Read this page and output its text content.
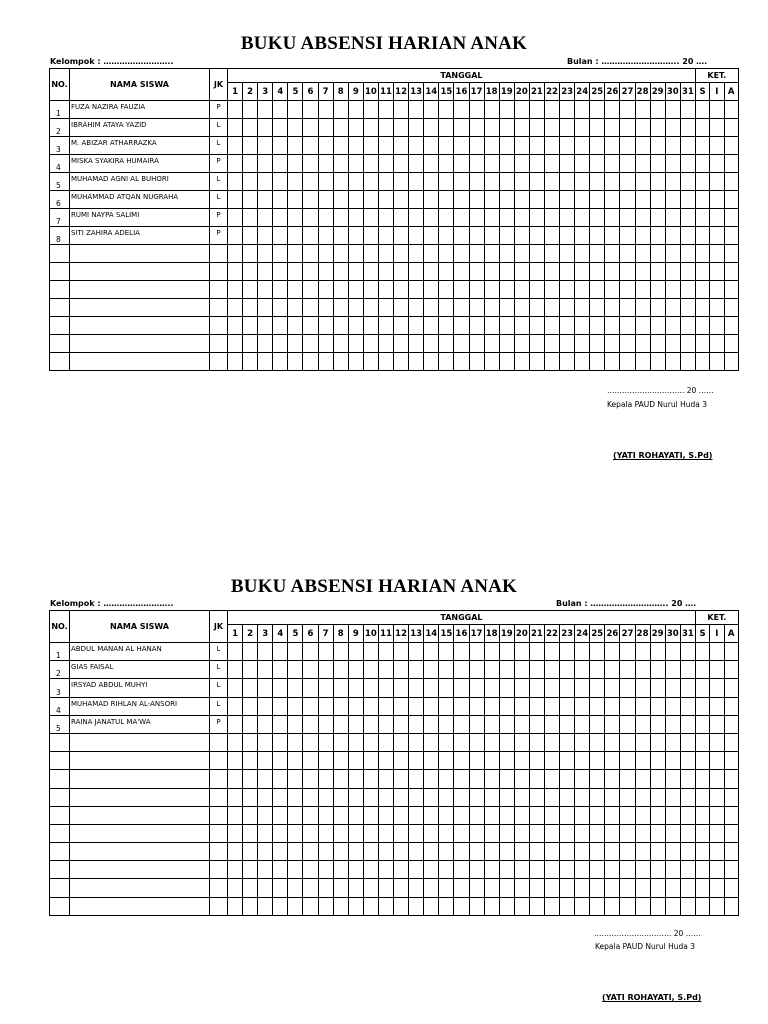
BUKU ABSENSI HARIAN ANAK
Kelompok : ……………………..	Bulan : ……………………….. 20 ….
NO.	NAMA SISWA	JK	TANGGAL																															KET.		
			1	2	3	4	5	6	7	8	9	10	11	12	13	14	15	16	17	18	19	20	21	22	23	24	25	26	27	28	29	30	31	S	I	A
1	FUZA NAZIRA FAUZIA	P																																		
2	IBRAHIM ATAYA YAZID	L																																		
3	M. ABIZAR ATHARRAZKA	L																																		
4	MISKA SYAKIRA HUMAIRA	P																																		
5	MUHAMAD AGNI AL BUHORI	L																																		
6	MUHAMMAD ATQAN NUGRAHA	L																																		
7	RUMI NAYPA SALIMI	P																																		
8	SITI ZAHIRA ADELIA	P																																		

…………………………. 20 ……
Kepala PAUD Nurul Huda 3
(YATI ROHAYATI, S.Pd)
BUKU ABSENSI HARIAN ANAK
Kelompok : ……………………..	Bulan : ……………………….. 20 ….
NO.	NAMA SISWA	JK	TANGGAL																															KET.		
			1	2	3	4	5	6	7	8	9	10	11	12	13	14	15	16	17	18	19	20	21	22	23	24	25	26	27	28	29	30	31	S	I	A
1	ABDUL MANAN AL HANAN	L																																		
2	GIAS FAISAL	L																																		
3	IRSYAD ABDUL MUHYI	L																																		
4	MUHAMAD RIHLAN AL-ANSORI	L																																		
5	RAINA JANATUL MA'WA	P																																		

…………………………. 20 ……
Kepala PAUD Nurul Huda 3
(YATI ROHAYATI, S.Pd)
